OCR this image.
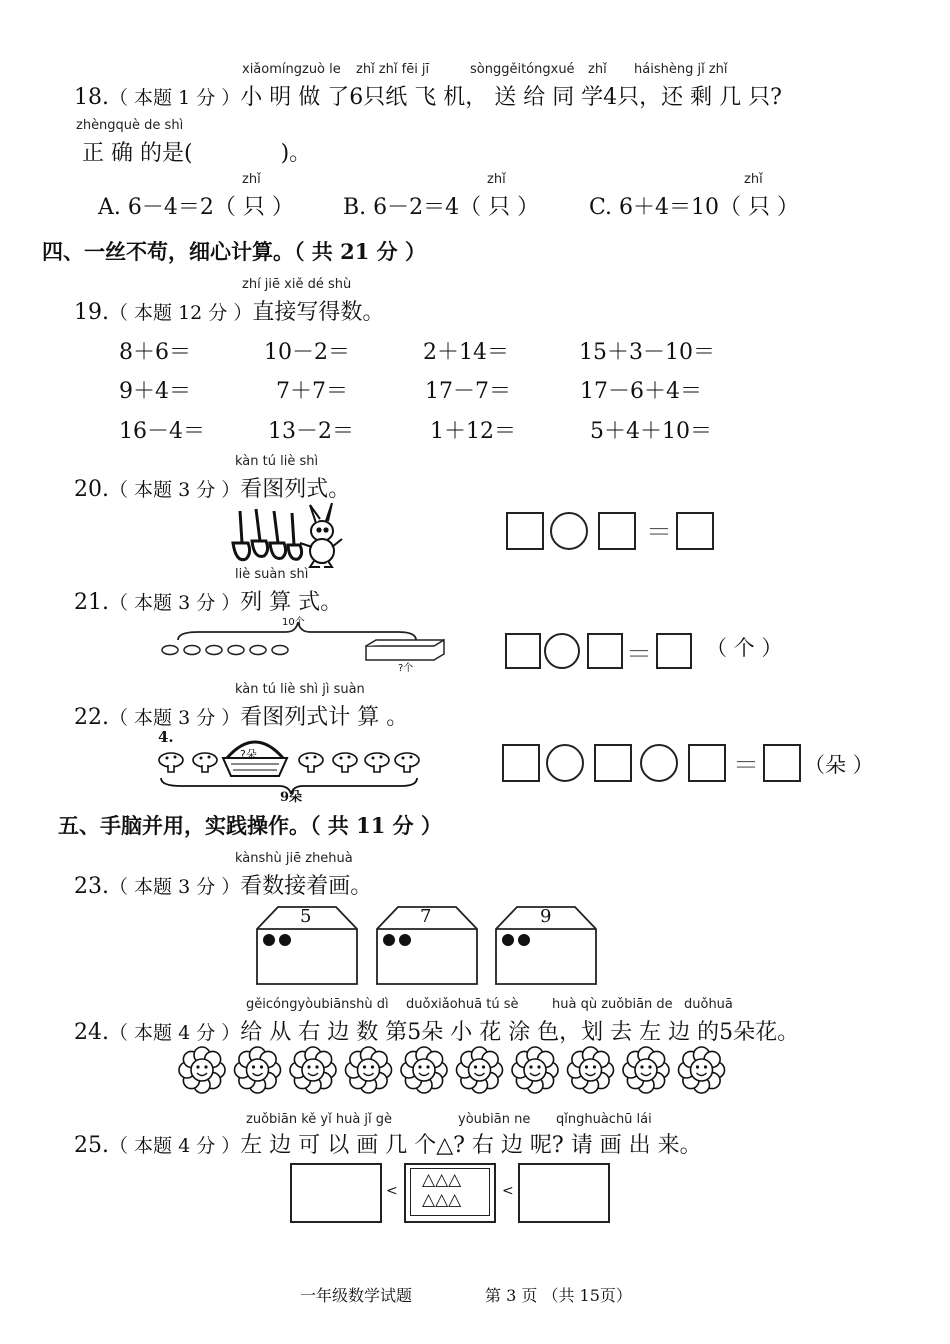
xiǎomíngzuò le zhǐ zhǐ fēi jī	sònggěitóngxué zhǐ háishèng jǐ zhǐ
18.（ 本题 1 分 ）小 明 做 了6只纸 飞 机， 送 给 同 学4只，还 剩 几 只?
zhèngquè de shì
正 确 的是(	)。
zhǐ	zhǐ	zhǐ
A. 6－4＝2（ 只 ） B. 6－2＝4（ 只 ） C. 6＋4＝10（ 只 ）
四、一丝不苟，细心计算。（ 共 21 分 ）
zhí jiē xiě dé shù
19.（ 本题 12 分 ）直接写得数。
8＋6＝	10－2＝	2＋14＝	15＋3－10＝
9＋4＝	7＋7＝	17－7＝	17－6＋4＝
16－4＝	13－2＝	1＋12＝	5＋4＋10＝
kàn tú liè shì
20.（ 本题 3 分 ）看图列式。
＝
liè suàn shì
21.（ 本题 3 分 ）列 算 式。
10个
?个	＝	（ 个 ）
kàn tú liè shì jì suàn
22.（ 本题 3 分 ）看图列式计 算 。
4.
?朵
9朵
＝ （朵 ）
五、手脑并用，实践操作。（ 共 11 分 ）
kànshù jiē zhehuà
23.（ 本题 3 分 ）看数接着画。
5	7	9
gěicóngyòubiānshù dì duǒxiǎohuā tú sè	huà qù zuǒbiān de duǒhuā
24.（ 本题 4 分 ）给 从 右 边 数 第5朵 小 花 涂 色，划 去 左 边 的5朵花。
zuǒbiān kě yǐ huà jǐ gè	yòubiān ne qǐnghuàchū lái
25.（ 本题 4 分 ）左 边 可 以 画 几 个△? 右 边 呢? 请 画 出 来。
<
△△△
△△△	<
一年级数学试题	第 3 页 （共 15页）
